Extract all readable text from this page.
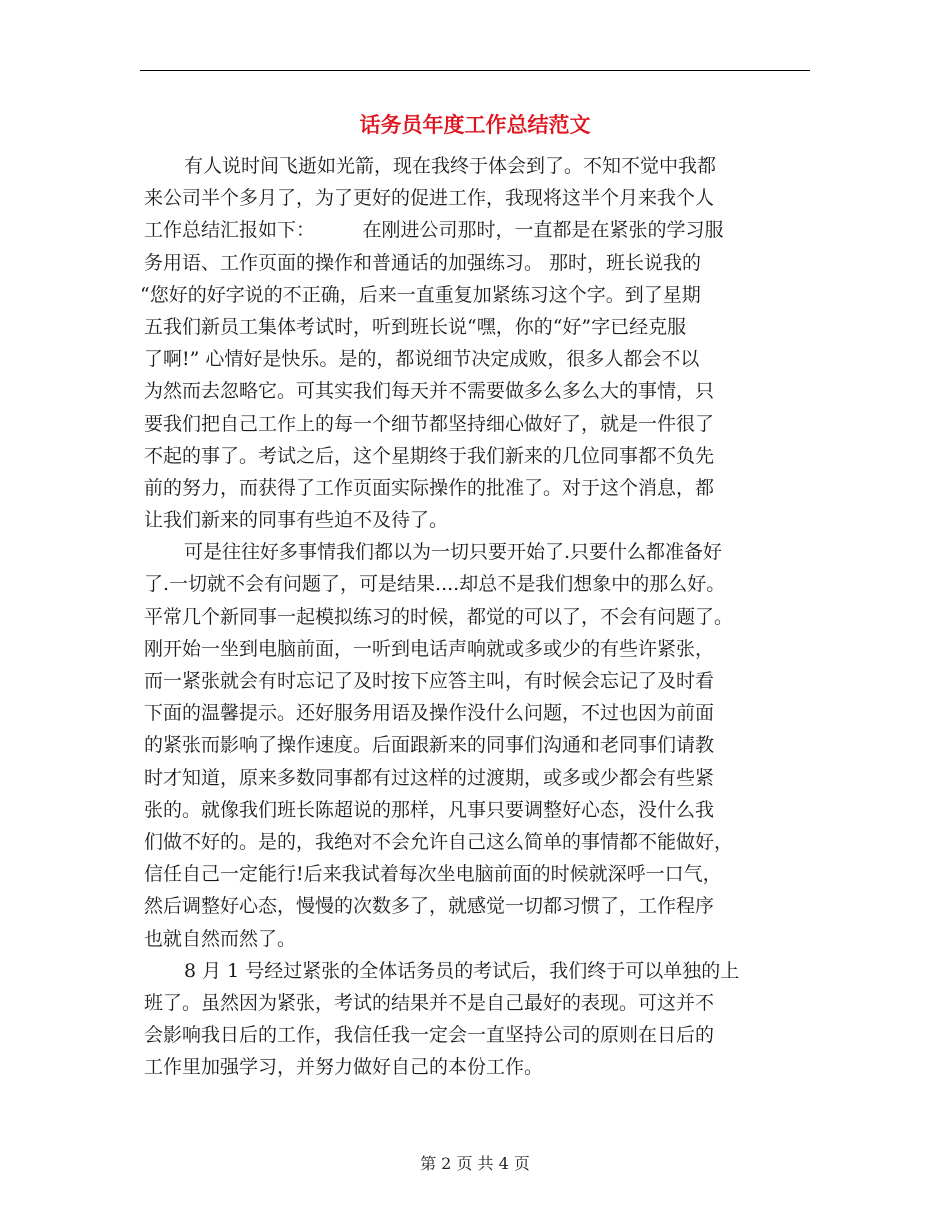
话务员年度工作总结范文
有人说时间飞逝如光箭，现在我终于体会到了。不知不觉中我都
来公司半个多月了，为了更好的促进工作，我现将这半个月来我个人
工作总结汇报如下：　　　在刚进公司那时，一直都是在紧张的学习服
务用语、工作页面的操作和普通话的加强练习。 那时，班长说我的
“您好的好字说的不正确，后来一直重复加紧练习这个字。到了星期
五我们新员工集体考试时，听到班长说“嘿，你的“好”字已经克服
了啊!” 心情好是快乐。是的，都说细节决定成败，很多人都会不以
为然而去忽略它。可其实我们每天并不需要做多么多么大的事情，只
要我们把自己工作上的每一个细节都坚持细心做好了，就是一件很了
不起的事了。考试之后，这个星期终于我们新来的几位同事都不负先
前的努力，而获得了工作页面实际操作的批准了。对于这个消息，都
让我们新来的同事有些迫不及待了。
可是往往好多事情我们都以为一切只要开始了.只要什么都准备好
了.一切就不会有问题了，可是结果....却总不是我们想象中的那么好。
平常几个新同事一起模拟练习的时候，都觉的可以了，不会有问题了。
刚开始一坐到电脑前面，一听到电话声响就或多或少的有些许紧张，
而一紧张就会有时忘记了及时按下应答主叫，有时候会忘记了及时看
下面的温馨提示。还好服务用语及操作没什么问题，不过也因为前面
的紧张而影响了操作速度。后面跟新来的同事们沟通和老同事们请教
时才知道，原来多数同事都有过这样的过渡期，或多或少都会有些紧
张的。就像我们班长陈超说的那样，凡事只要调整好心态，没什么我
们做不好的。是的，我绝对不会允许自己这么简单的事情都不能做好，
信任自己一定能行!后来我试着每次坐电脑前面的时候就深呼一口气，
然后调整好心态，慢慢的次数多了，就感觉一切都习惯了，工作程序
也就自然而然了。
8 月 1 号经过紧张的全体话务员的考试后，我们终于可以单独的上
班了。虽然因为紧张，考试的结果并不是自己最好的表现。可这并不
会影响我日后的工作，我信任我一定会一直坚持公司的原则在日后的
工作里加强学习，并努力做好自己的本份工作。
第 2 页 共 4 页
